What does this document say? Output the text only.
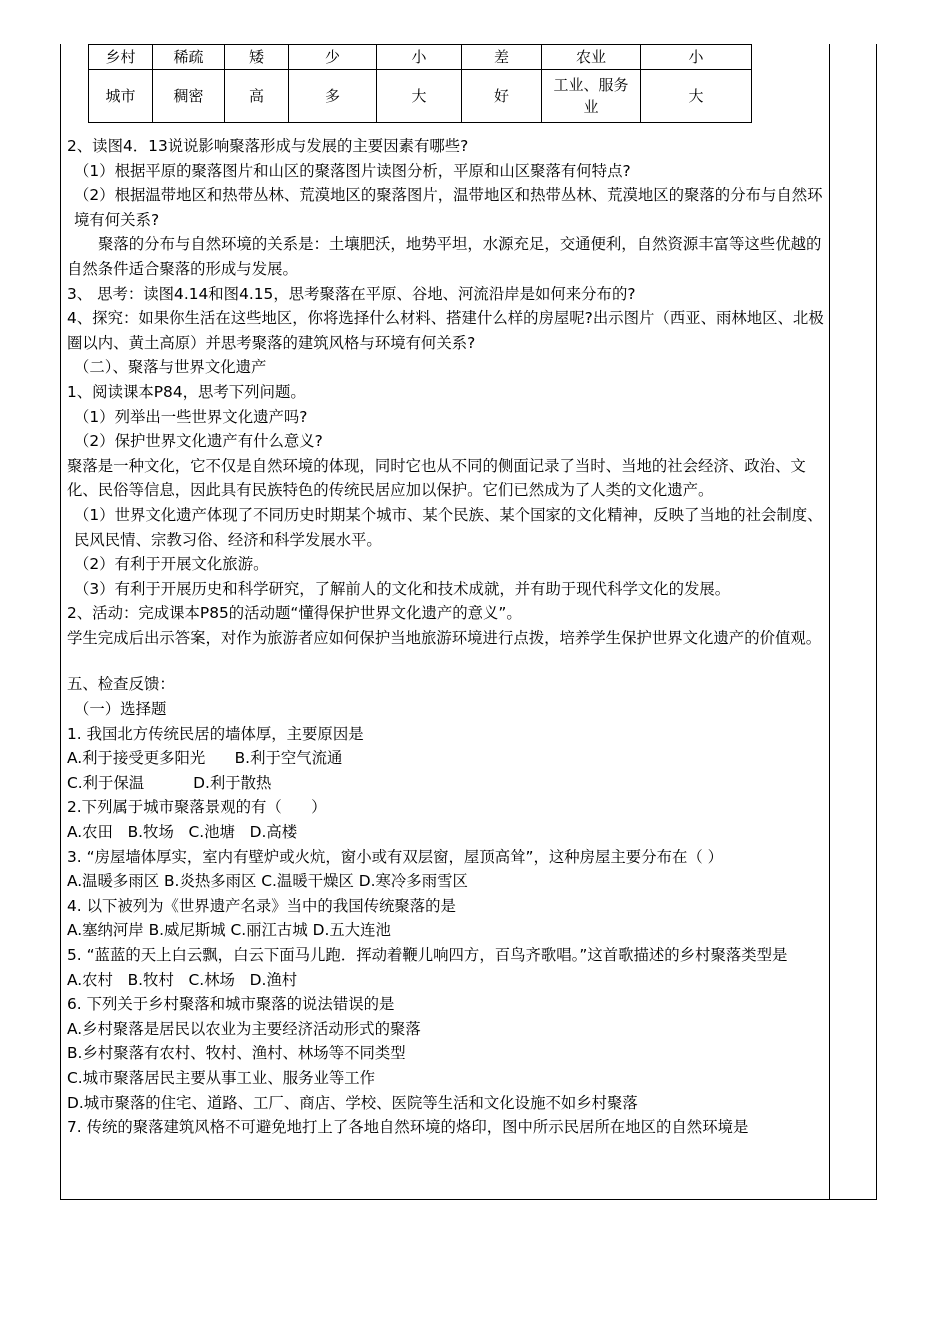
乡村	稀疏	矮	少	小	差	农业	小
城市	稠密	高	多	大	好	工业、服务业	大

2、读图4．13说说影响聚落形成与发展的主要因素有哪些?

（1）根据平原的聚落图片和山区的聚落图片读图分析，平原和山区聚落有何特点?

（2）根据温带地区和热带丛林、荒漠地区的聚落图片，温带地区和热带丛林、荒漠地区的聚落的分布与自然环境有何关系?

聚落的分布与自然环境的关系是：土壤肥沃，地势平坦，水源充足，交通便利，自然资源丰富等这些优越的自然条件适合聚落的形成与发展。

3、 思考：读图4.14和图4.15，思考聚落在平原、谷地、河流沿岸是如何来分布的?

4、探究：如果你生活在这些地区，你将选择什么材料、搭建什么样的房屋呢?出示图片（西亚、雨林地区、北极圈以内、黄土高原）并思考聚落的建筑风格与环境有何关系?

（二）、聚落与世界文化遗产

1、阅读课本P84，思考下列问题。

（1）列举出一些世界文化遗产吗?

（2）保护世界文化遗产有什么意义?

聚落是一种文化，它不仅是自然环境的体现，同时它也从不同的侧面记录了当时、当地的社会经济、政治、文化、民俗等信息，因此具有民族特色的传统民居应加以保护。它们已然成为了人类的文化遗产。

（1）世界文化遗产体现了不同历史时期某个城市、某个民族、某个国家的文化精神，反映了当地的社会制度、民风民情、宗教习俗、经济和科学发展水平。

（2）有利于开展文化旅游。

（3）有利于开展历史和科学研究，了解前人的文化和技术成就，并有助于现代科学文化的发展。

2、活动：完成课本P85的活动题“懂得保护世界文化遗产的意义”。

学生完成后出示答案，对作为旅游者应如何保护当地旅游环境进行点拨，培养学生保护世界文化遗产的价值观。

五、检查反馈：

（一）选择题

1. 我国北方传统民居的墙体厚，主要原因是

A.利于接受更多阳光      B.利于空气流通

C.利于保温          D.利于散热

2.下列属于城市聚落景观的有（      ）

A.农田   B.牧场   C.池塘   D.高楼

3. “房屋墙体厚实，室内有壁炉或火炕，窗小或有双层窗，屋顶高耸”，这种房屋主要分布在（ ）

A.温暖多雨区 B.炎热多雨区 C.温暖干燥区 D.寒冷多雨雪区

4. 以下被列为《世界遗产名录》当中的我国传统聚落的是

A.塞纳河岸 B.威尼斯城 C.丽江古城 D.五大连池

5. “蓝蓝的天上白云飘，白云下面马儿跑．挥动着鞭儿响四方，百鸟齐歌唱。”这首歌描述的乡村聚落类型是

A.农村   B.牧村   C.林场   D.渔村

6. 下列关于乡村聚落和城市聚落的说法错误的是

A.乡村聚落是居民以农业为主要经济活动形式的聚落

B.乡村聚落有农村、牧村、渔村、林场等不同类型

C.城市聚落居民主要从事工业、服务业等工作

D.城市聚落的住宅、道路、工厂、商店、学校、医院等生活和文化设施不如乡村聚落

7. 传统的聚落建筑风格不可避免地打上了各地自然环境的烙印，图中所示民居所在地区的自然环境是
